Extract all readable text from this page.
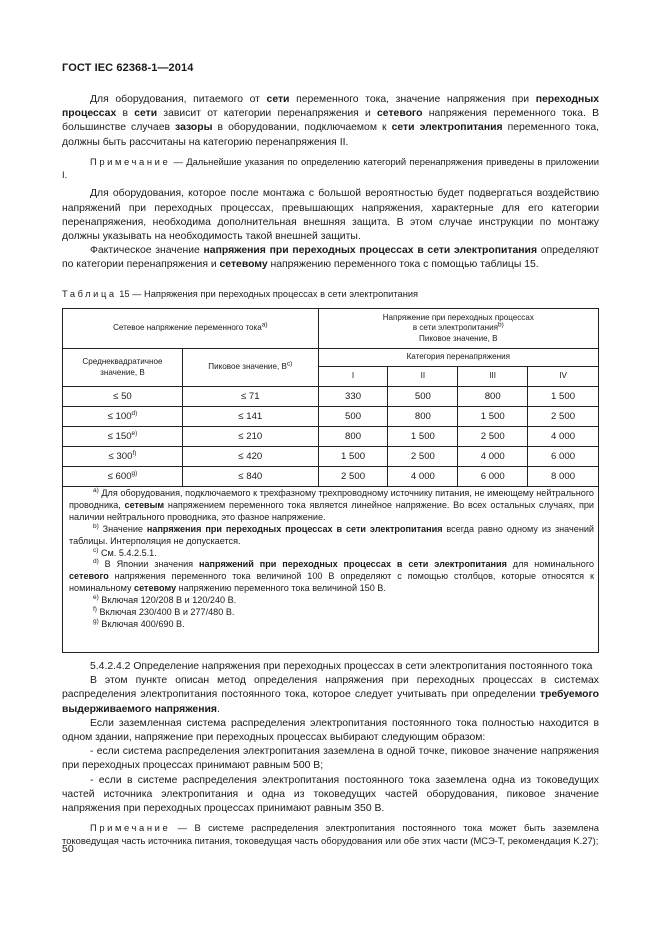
ГОСТ IEC 62368-1—2014

Для оборудования, питаемого от сети переменного тока, значение напряжения при переходных процессах в сети зависит от категории перенапряжения и сетевого напряжения переменного тока. В большинстве случаев зазоры в оборудовании, подключаемом к сети электропитания переменного тока, должны быть рассчитаны на категорию перенапряжения II.

Примечание — Дальнейшие указания по определению категорий перенапряжения приведены в приложении I.

Для оборудования, которое после монтажа с большой вероятностью будет подвергаться воздействию напряжений при переходных процессах, превышающих напряжения, характерные для его категории перенапряжения, необходима дополнительная внешняя защита. В этом случае инструкции по монтажу должны указывать на необходимость такой внешней защиты.

Фактическое значение напряжения при переходных процессах в сети электропитания определяют по категории перенапряжения и сетевому напряжению переменного тока с помощью таблицы 15.

Таблица 15 — Напряжения при переходных процессах в сети электропитания
Сетевое напряжение переменного тока$^{a)}$		Напряжение при переходных процессах
в сети электропитания$^{b)}$
Пиковое значение, В			
Среднеквадратичное значение, В	Пиковое значение, $В^{c)}$	Категория перенапряжения			
		I	II	III	IV
≤ 50	≤ 71	330	500	800	1 500
≤ $100^{d)}$	≤ 141	500	800	1 500	2 500
≤ $150^{e)}$	≤ 210	800	1 500	2 500	4 000
≤ $300^{f)}$	≤ 420	1 500	2 500	4 000	6 000
≤ $600^{g)}$	≤ 840	2 500	4 000	6 000	8 000

$^{a)}$ Для оборудования, подключаемого к трехфазному трехпроводному источнику питания, не имеющему нейтрального проводника, сетевым напряжением переменного тока является линейное напряжение. Во всех остальных случаях, при наличии нейтрального проводника, это фазное напряжение.

$^{b)}$ Значение напряжения при переходных процессах в сети электропитания всегда равно одному из значений таблицы. Интерполяция не допускается.

$^{c)}$ См. 5.4.2.5.1.

$^{d)}$ В Японии значения напряжений при переходных процессах в сети электропитания для номинального сетевого напряжения переменного тока величиной 100 В определяют с помощью столбцов, которые относятся к номинальному сетевому напряжению переменного тока величиной 150 В.

$^{e)}$ Включая 120/208 В и 120/240 В.

$^{f)}$ Включая 230/400 В и 277/480 В.

$^{g)}$ Включая 400/690 В.

5.4.2.4.2 Определение напряжения при переходных процессах в сети электропитания постоянного тока

В этом пункте описан метод определения напряжения при переходных процессах в системах распределения электропитания постоянного тока, которое следует учитывать при определении требуемого выдерживаемого напряжения.

Если заземленная система распределения электропитания постоянного тока полностью находится в одном здании, напряжение при переходных процессах выбирают следующим образом:

- если система распределения электропитания заземлена в одной точке, пиковое значение напряжения при переходных процессах принимают равным 500 В;

- если в системе распределения электропитания постоянного тока заземлена одна из токоведущих частей источника электропитания и одна из токоведущих частей оборудования, пиковое значение напряжения при переходных процессах принимают равным 350 В.

Примечание — В системе распределения электропитания постоянного тока может быть заземлена токоведущая часть источника питания, токоведущая часть оборудования или обе этих части (МСЭ-Т, рекомендация K.27);

50
